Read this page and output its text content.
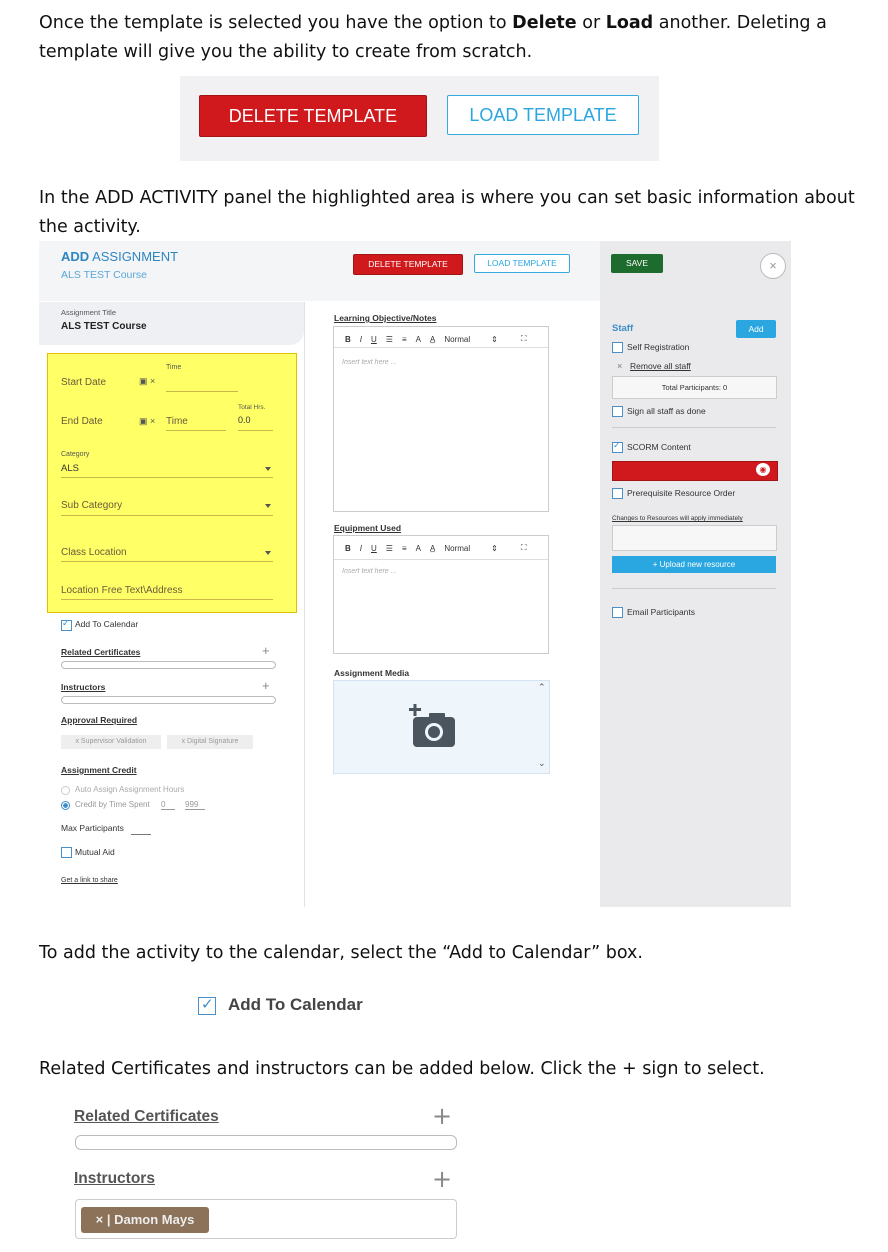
Once the template is selected you have the option to Delete or Load another. Deleting a template will give you the ability to create from scratch.

DELETE TEMPLATE	LOAD TEMPLATE

In the ADD ACTIVITY panel the highlighted area is where you can set basic information about the activity.

ADD ASSIGNMENT
ALS TEST Course
DELETE TEMPLATE	LOAD TEMPLATE	SAVE	×
Assignment Title
ALS TEST Course
Time
Start Date	▣ ×
Total Hrs.
End Date	▣ × Time	0.0
Category
ALS
Sub Category
Class Location
Location Free Text\Address
✓
Add To Calendar
Related Certificates	+
Instructors	+
Approval Required
x Supervisor Validation	x Digital Signature
Assignment Credit
Auto Assign Assignment Hours
Credit by Time Spent 0	999
Max Participants
Mutual Aid
Get a link to share
Learning Objective/Notes
B I U ☰ ≡ A A̲ Normal	⇕	⛶
Insert text here ...
Equipment Used
B I U ☰ ≡ A A̲ Normal	⇕	⛶
Insert text here ...
Assignment Media
⌃
⌄
Staff	Add
Self Registration
× Remove all staff
Total Participants: 0
Sign all staff as done
✓
SCORM Content
◉
Prerequisite Resource Order
Changes to Resources will apply immediately
+ Upload new resource
Email Participants

To add the activity to the calendar, select the “Add to Calendar” box.

✓ Add To Calendar

Related Certificates and instructors can be added below. Click the + sign to select.

Related Certificates	+
Instructors	+
× | Damon Mays
